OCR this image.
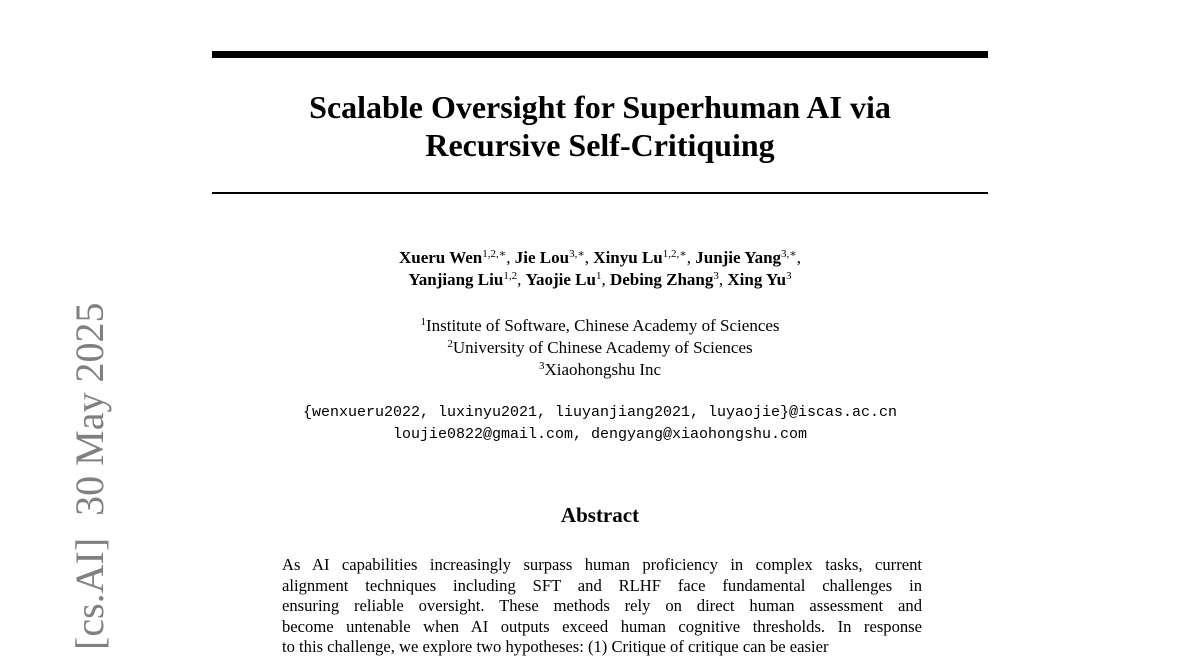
Scalable Oversight for Superhuman AI via
Recursive Self-Critiquing
Xueru Wen$^{1,2,∗}$, Jie Lou$^{3,∗}$, Xinyu $Lu^{1,2,∗}$, Junjie Yang$^{3,∗}$,
Yanjiang Liu$^{1,2}$, Yaojie Lu$^1$, Debing Zhang$^3$, Xing Yu$^3$
$^1$Institute of Software, Chinese Academy of Sciences
$^2$University of Chinese Academy of Sciences
$^3$Xiaohongshu Inc
{wenxueru2022, luxinyu2021, liuyanjiang2021, luyaojie}@iscas.ac.cn
loujie0822@gmail.com, dengyang@xiaohongshu.com
Abstract
As AI capabilities increasingly surpass human proficiency in complex tasks, current
alignment techniques including SFT and RLHF face fundamental challenges in
ensuring reliable oversight. These methods rely on direct human assessment and
become untenable when AI outputs exceed human cognitive thresholds. In response
to this challenge, we explore two hypotheses: (1) Critique of critique can be easier
[cs.AI]30 May 2025
